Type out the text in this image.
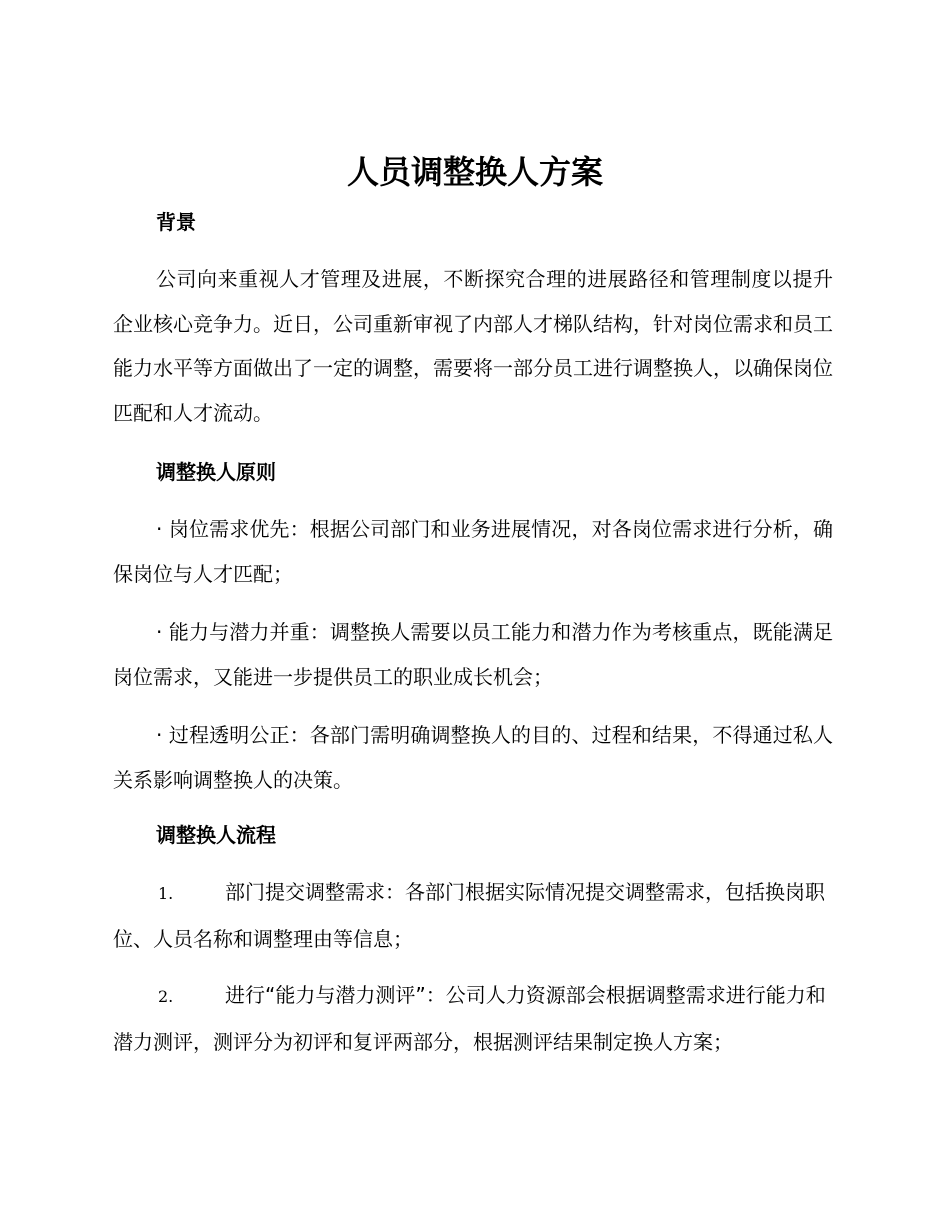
人员调整换人方案
背景

公司向来重视人才管理及进展，不断探究合理的进展路径和管理制度以提升企业核心竞争力。近日，公司重新审视了内部人才梯队结构，针对岗位需求和员工能力水平等方面做出了一定的调整，需要将一部分员工进行调整换人，以确保岗位匹配和人才流动。

调整换人原则

· 岗位需求优先：根据公司部门和业务进展情况，对各岗位需求进行分析，确保岗位与人才匹配；

· 能力与潜力并重：调整换人需要以员工能力和潜力作为考核重点，既能满足岗位需求，又能进一步提供员工的职业成长机会；

· 过程透明公正：各部门需明确调整换人的目的、过程和结果，不得通过私人关系影响调整换人的决策。

调整换人流程

1.	部门提交调整需求：各部门根据实际情况提交调整需求，包括换岗职位、人员名称和调整理由等信息；

2.	进行“能力与潜力测评”：公司人力资源部会根据调整需求进行能力和潜力测评，测评分为初评和复评两部分，根据测评结果制定换人方案；
